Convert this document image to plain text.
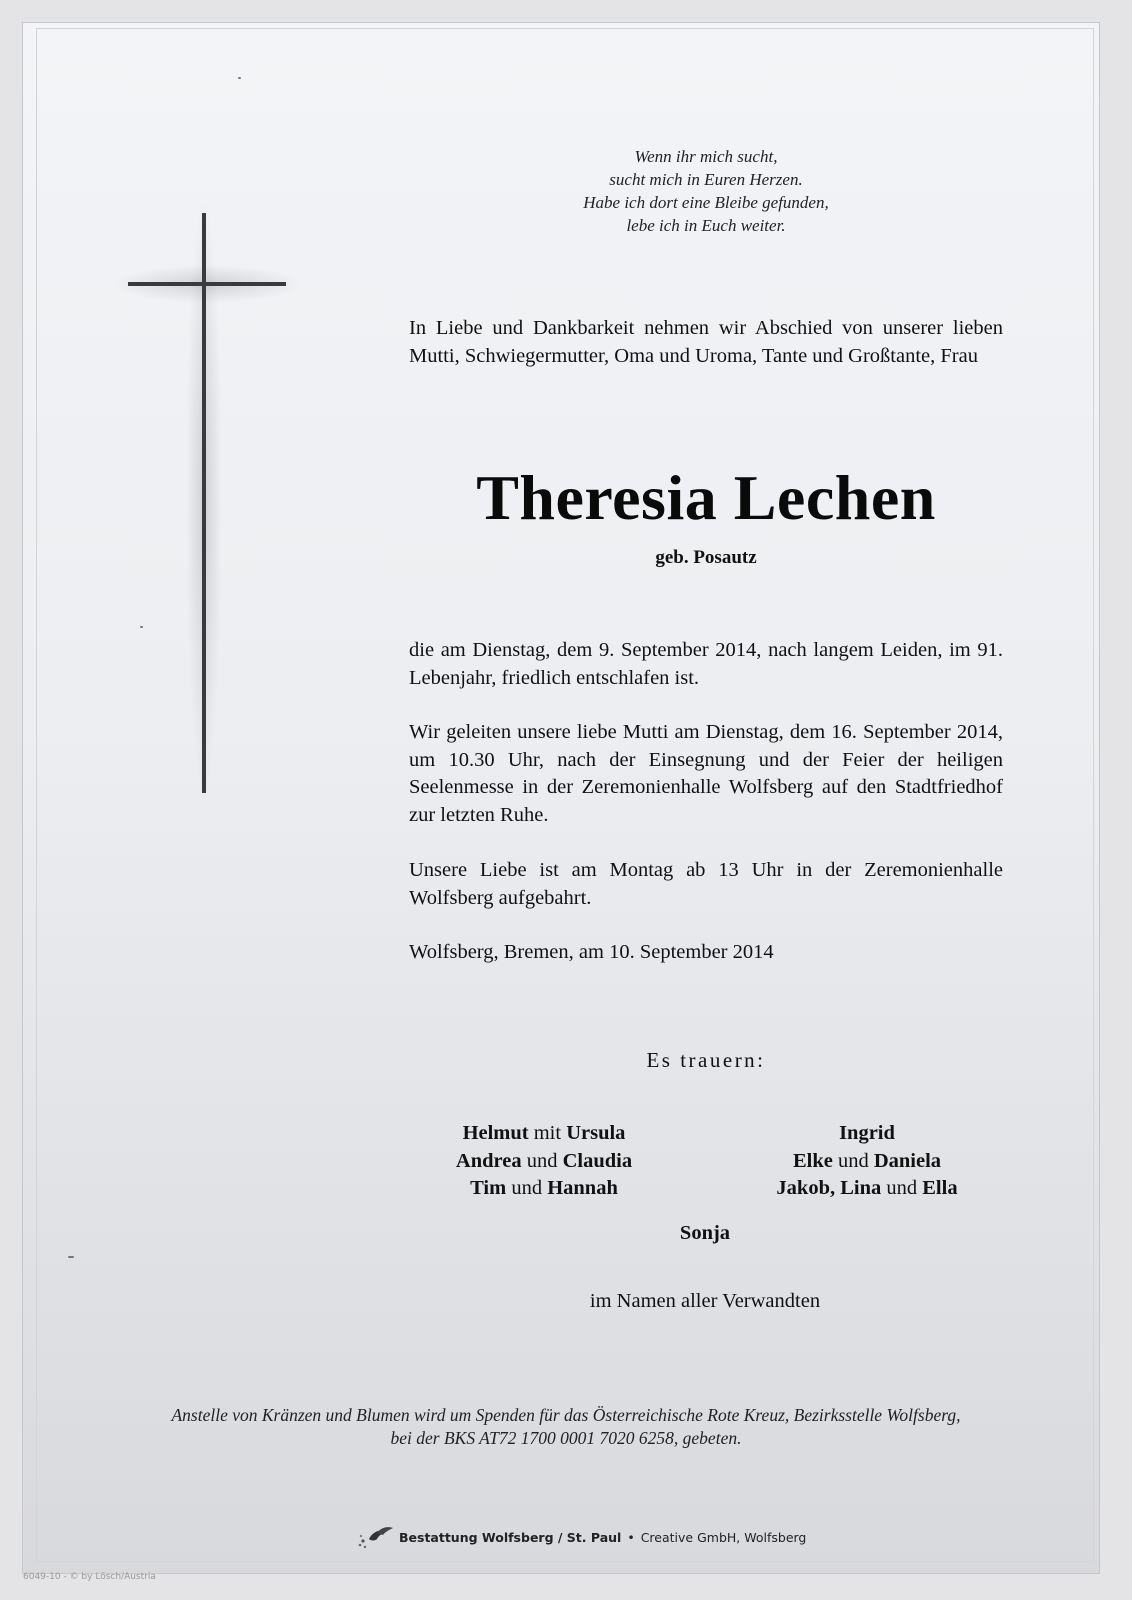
Wenn ihr mich sucht,
sucht mich in Euren Herzen.
Habe ich dort eine Bleibe gefunden,
lebe ich in Euch weiter.
In Liebe und Dankbarkeit nehmen wir Abschied von unserer lieben Mutti, Schwiegermutter, Oma und Uroma, Tante und Großtante, Frau
Theresia Lechen
geb. Posautz
die am Dienstag, dem 9. September 2014, nach langem Leiden, im 91. Lebenjahr, friedlich entschlafen ist.
Wir geleiten unsere liebe Mutti am Dienstag, dem 16. September 2014, um 10.30 Uhr, nach der Einsegnung und der Feier der heiligen Seelenmesse in der Zeremonienhalle Wolfsberg auf den Stadtfriedhof zur letzten Ruhe.
Unsere Liebe ist am Montag ab 13 Uhr in der Zeremonienhalle Wolfsberg aufgebahrt.
Wolfsberg, Bremen, am 10. September 2014
Es trauern:
Helmut mit Ursula
Andrea und Claudia
Tim und Hannah
Ingrid
Elke und Daniela
Jakob, Lina und Ella
Sonja
im Namen aller Verwandten
Anstelle von Kränzen und Blumen wird um Spenden für das Österreichische Rote Kreuz, Bezirksstelle Wolfsberg,
bei der BKS AT72 1700 0001 7020 6258, gebeten.
Bestattung Wolfsberg / St. Paul • Creative GmbH, Wolfsberg
6049-10 - © by Lösch/Austria
